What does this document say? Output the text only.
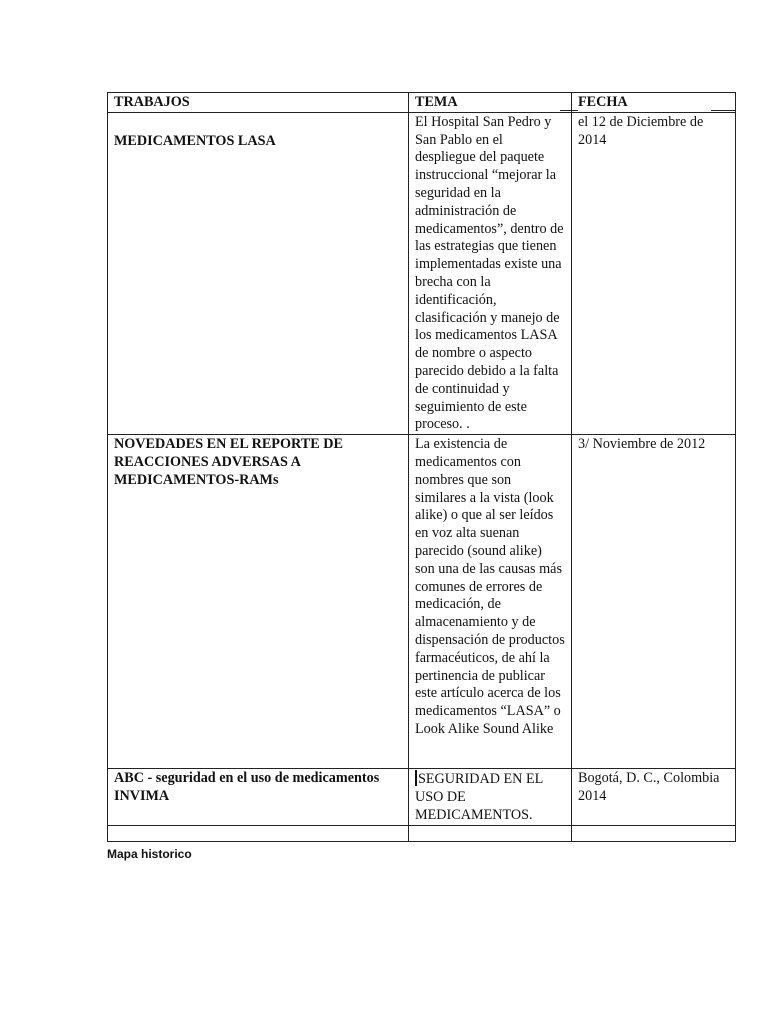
TRABAJOS	TEMA	FECHA

MEDICAMENTOS LASA	El Hospital San Pedro y San Pablo en el despliegue del paquete instruccional “mejorar la seguridad en la administración de medicamentos”, dentro de las estrategias que tienen implementadas existe una brecha con la identificación, clasificación y manejo de los medicamentos LASA de nombre o aspecto parecido debido a la falta de continuidad y seguimiento de este proceso. .	el 12 de Diciembre de 2014
NOVEDADES EN EL REPORTE DE REACCIONES ADVERSAS A MEDICAMENTOS-RAMs	La existencia de medicamentos con nombres que son similares a la vista (look alike) o que al ser leídos en voz alta suenan parecido (sound alike) son una de las causas más comunes de errores de medicación, de almacenamiento y de dispensación de productos farmacéuticos, de ahí la pertinencia de publicar este artículo acerca de los medicamentos “LASA” o Look Alike Sound Alike	3/ Noviembre de 2012
ABC - seguridad en el uso de medicamentos INVIMA	SEGURIDAD EN EL USO DE MEDICAMENTOS.	Bogotá, D. C., Colombia 2014

Mapa historico
